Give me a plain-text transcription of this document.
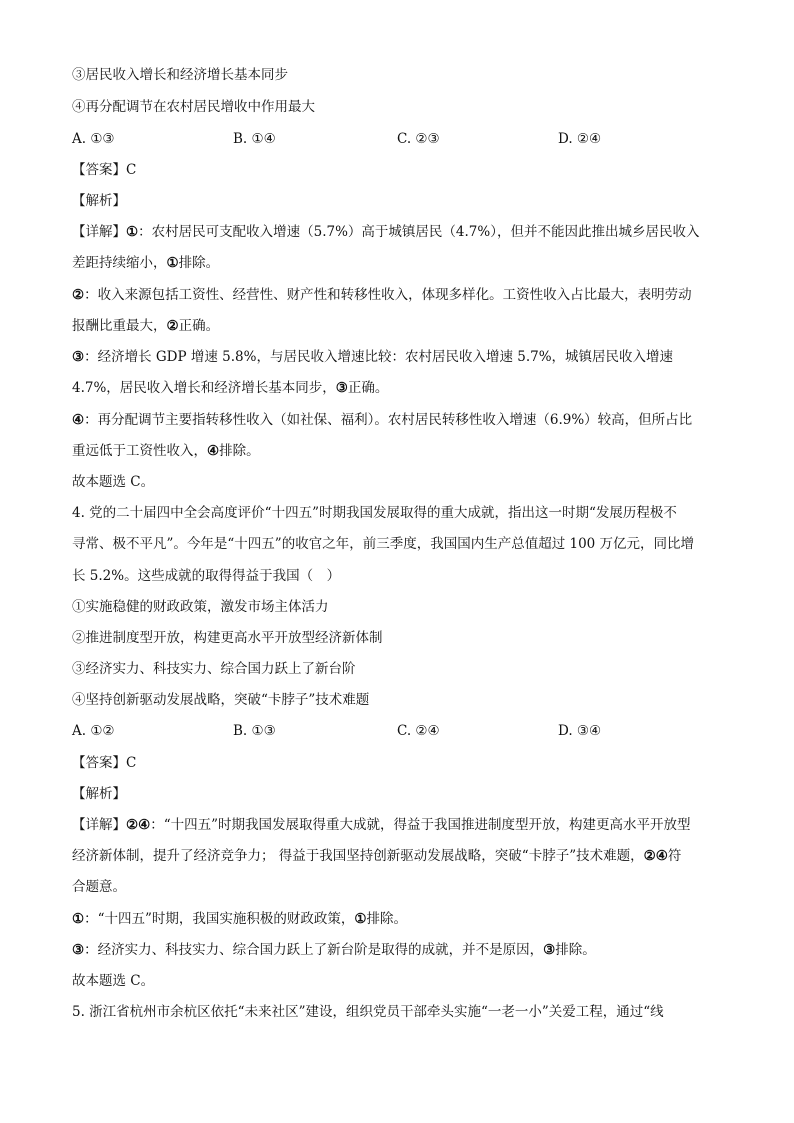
③居民收入增长和经济增长基本同步
④再分配调节在农村居民增收中作用最大
A. ①③	B. ①④	C. ②③	D. ②④
【答案】C
【解析】
【详解】①：农村居民可支配收入增速（5.7%）高于城镇居民（4.7%），但并不能因此推出城乡居民收入
差距持续缩小，①排除。
②：收入来源包括工资性、经营性、财产性和转移性收入，体现多样化。工资性收入占比最大，表明劳动
报酬比重最大，②正确。
③：经济增长 GDP 增速 5.8%，与居民收入增速比较：农村居民收入增速 5.7%，城镇居民收入增速
4.7%，居民收入增长和经济增长基本同步，③正确。
④：再分配调节主要指转移性收入（如社保、福利）。农村居民转移性收入增速（6.9%）较高，但所占比
重远低于工资性收入，④排除。
故本题选 C。
4. 党的二十届四中全会高度评价“十四五”时期我国发展取得的重大成就，指出这一时期“发展历程极不
寻常、极不平凡”。今年是“十四五”的收官之年，前三季度，我国国内生产总值超过 100 万亿元，同比增
长 5.2%。这些成就的取得得益于我国（　）
①实施稳健的财政政策，激发市场主体活力
②推进制度型开放，构建更高水平开放型经济新体制
③经济实力、科技实力、综合国力跃上了新台阶
④坚持创新驱动发展战略，突破“卡脖子”技术难题
A. ①②	B. ①③	C. ②④	D. ③④
【答案】C
【解析】
【详解】②④：“十四五”时期我国发展取得重大成就，得益于我国推进制度型开放，构建更高水平开放型
经济新体制，提升了经济竞争力； 得益于我国坚持创新驱动发展战略，突破“卡脖子”技术难题，②④符
合题意。
①：“十四五”时期，我国实施积极的财政政策，①排除。
③：经济实力、科技实力、综合国力跃上了新台阶是取得的成就，并不是原因，③排除。
故本题选 C。
5. 浙江省杭州市余杭区依托“未来社区”建设，组织党员干部牵头实施“一老一小”关爱工程，通过“线
